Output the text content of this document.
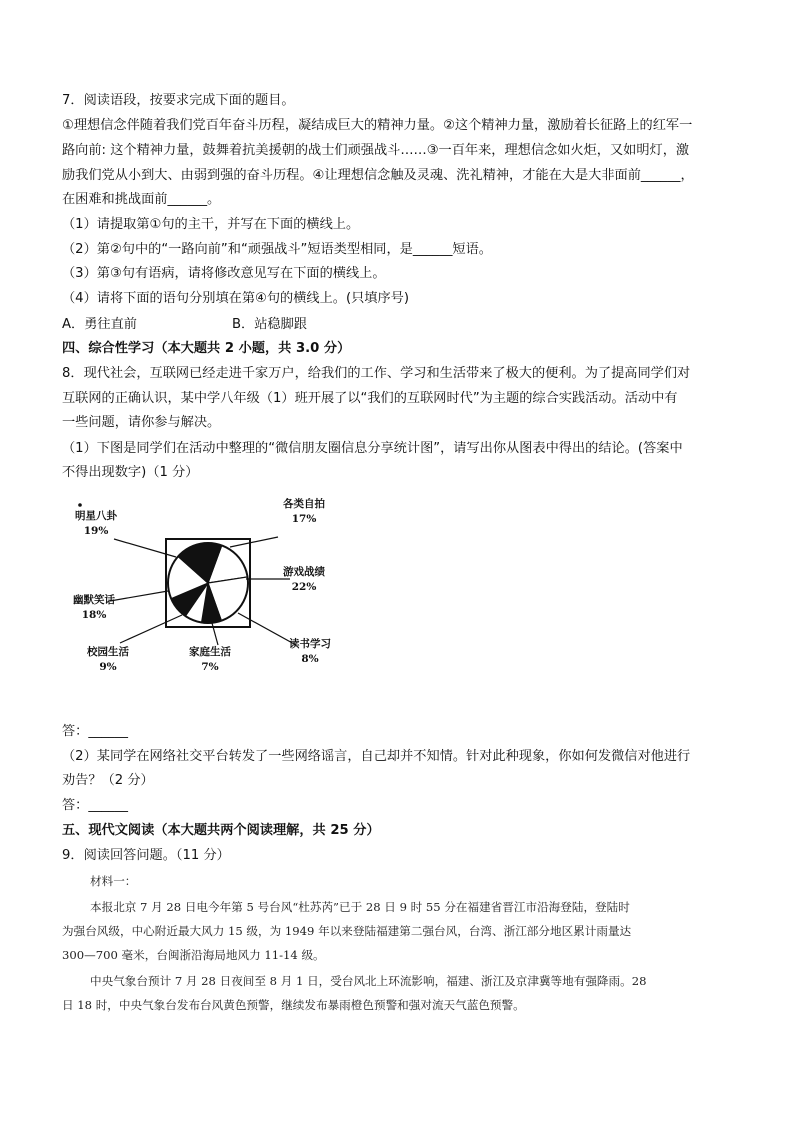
7．阅读语段，按要求完成下面的题目。
①理想信念伴随着我们党百年奋斗历程，凝结成巨大的精神力量。②这个精神力量，激励着长征路上的红军一
路向前: 这个精神力量，鼓舞着抗美援朝的战士们顽强战斗……③一百年来，理想信念如火炬，又如明灯，激
励我们党从小到大、由弱到强的奋斗历程。④让理想信念触及灵魂、洗礼精神，才能在大是大非面前______，
在困难和挑战面前______。
（1）请提取第①句的主干，并写在下面的横线上。
（2）第②句中的“一路向前”和“顽强战斗”短语类型相同，是______短语。
（3）第③句有语病，请将修改意见写在下面的横线上。
（4）请将下面的语句分别填在第④句的横线上。(只填序号)
A．勇往直前	B．站稳脚跟
四、综合性学习（本大题共 2 小题，共 3.0 分）
8．现代社会，互联网已经走进千家万户，给我们的工作、学习和生活带来了极大的便利。为了提高同学们对
互联网的正确认识，某中学八年级（1）班开展了以“我们的互联网时代”为主题的综合实践活动。活动中有
一些问题，请你参与解决。
（1）下图是同学们在活动中整理的“微信朋友圈信息分享统计图”，请写出你从图表中得出的结论。(答案中
不得出现数字)（1 分）
各类自拍
17%
游戏战绩
22%
读书学习
8%
家庭生活
7%
校园生活
9%
幽默笑话
18%
明星八卦
19%
答：______
（2）某同学在网络社交平台转发了一些网络谣言，自己却并不知情。针对此种现象，你如何发微信对他进行
劝告？（2 分）
答：______
五、现代文阅读（本大题共两个阅读理解，共 25 分）
9．阅读回答问题。（11 分）
材料一：
本报北京 7 月 28 日电今年第 5 号台风“杜苏芮”已于 28 日 9 时 55 分在福建省晋江市沿海登陆，登陆时
为强台风级，中心附近最大风力 15 级，为 1949 年以来登陆福建第二强台风，台湾、浙江部分地区累计雨量达
300—700 毫米，台闽浙沿海局地风力 11-14 级。
中央气象台预计 7 月 28 日夜间至 8 月 1 日，受台风北上环流影响，福建、浙江及京津冀等地有强降雨。28
日 18 时，中央气象台发布台风黄色预警，继续发布暴雨橙色预警和强对流天气蓝色预警。
